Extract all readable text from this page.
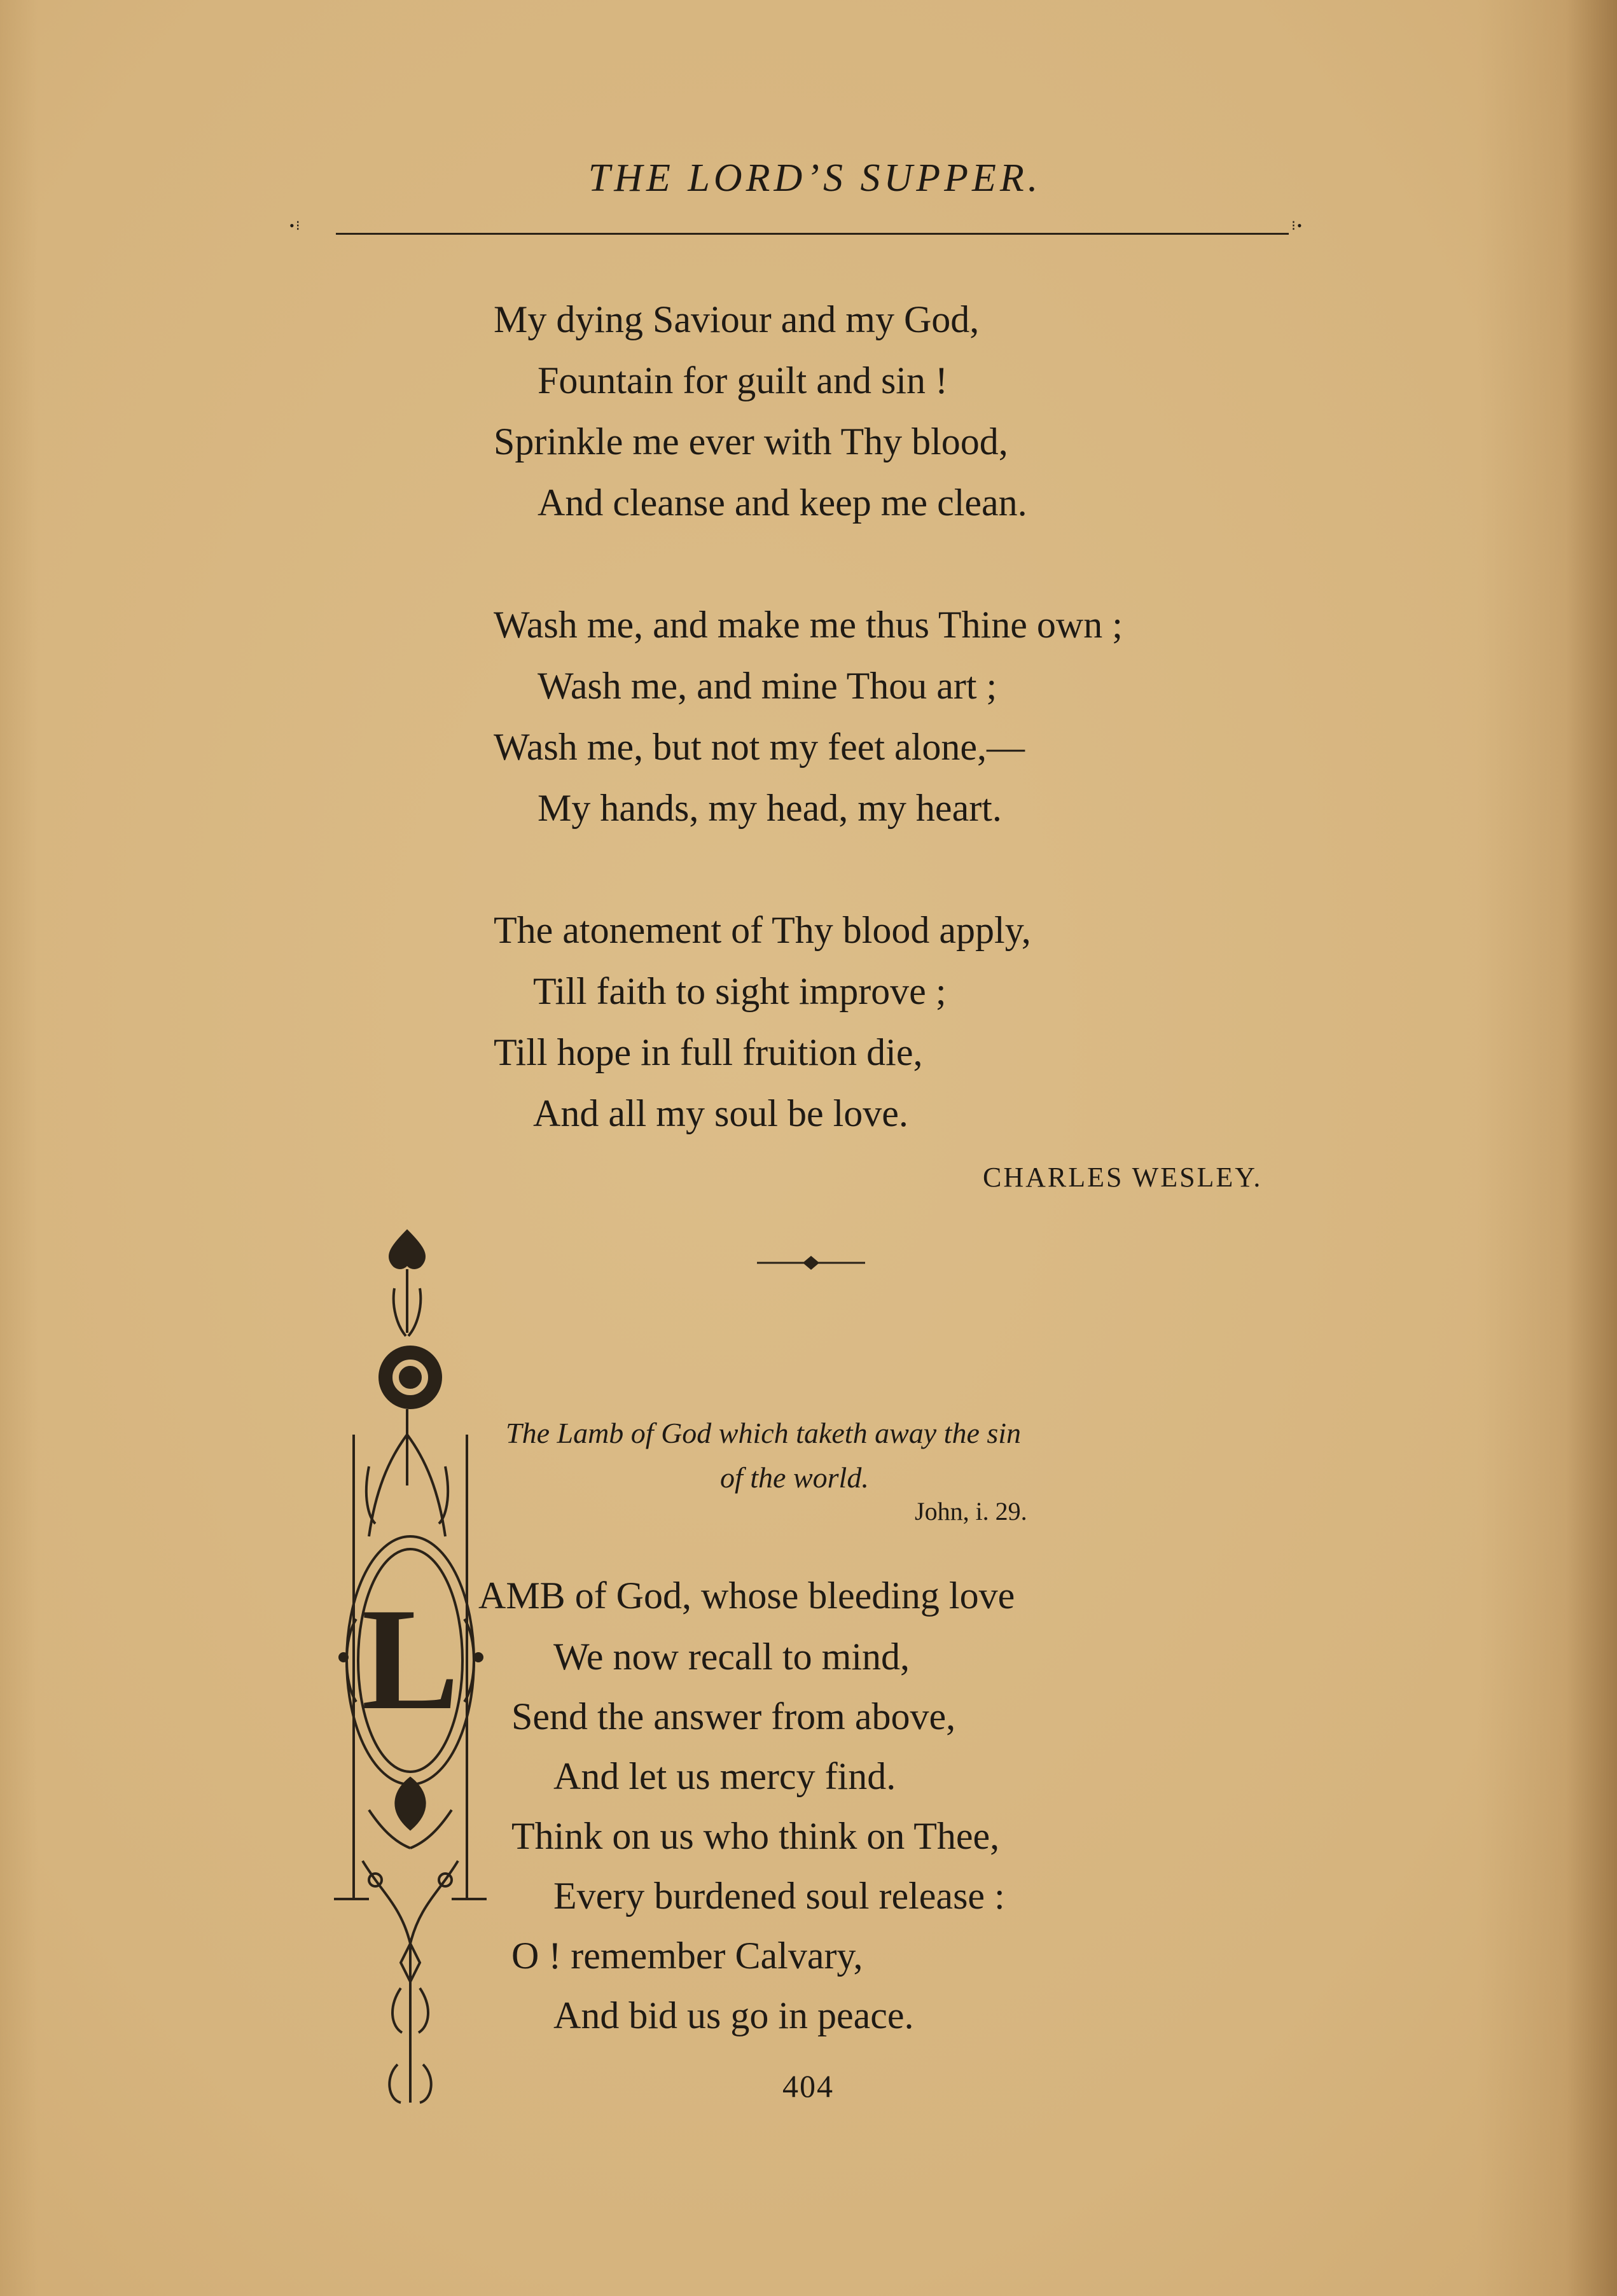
THE LORD’S SUPPER.
•⁝	⁝•
My dying Saviour and my God,
Fountain for guilt and sin !
Sprinkle me ever with Thy blood,
And cleanse and keep me clean.
Wash me, and make me thus Thine own ;
Wash me, and mine Thou art ;
Wash me, but not my feet alone,—
My hands, my head, my heart.
The atonement of Thy blood apply,
Till faith to sight improve ;
Till hope in full fruition die,
And all my soul be love.
CHARLES WESLEY.
L
The Lamb of God which taketh away the sin
of the world.
John, i. 29.
AMB of God, whose bleeding love
We now recall to mind,
Send the answer from above,
And let us mercy find.
Think on us who think on Thee,
Every burdened soul release :
O ! remember Calvary,
And bid us go in peace.
404
